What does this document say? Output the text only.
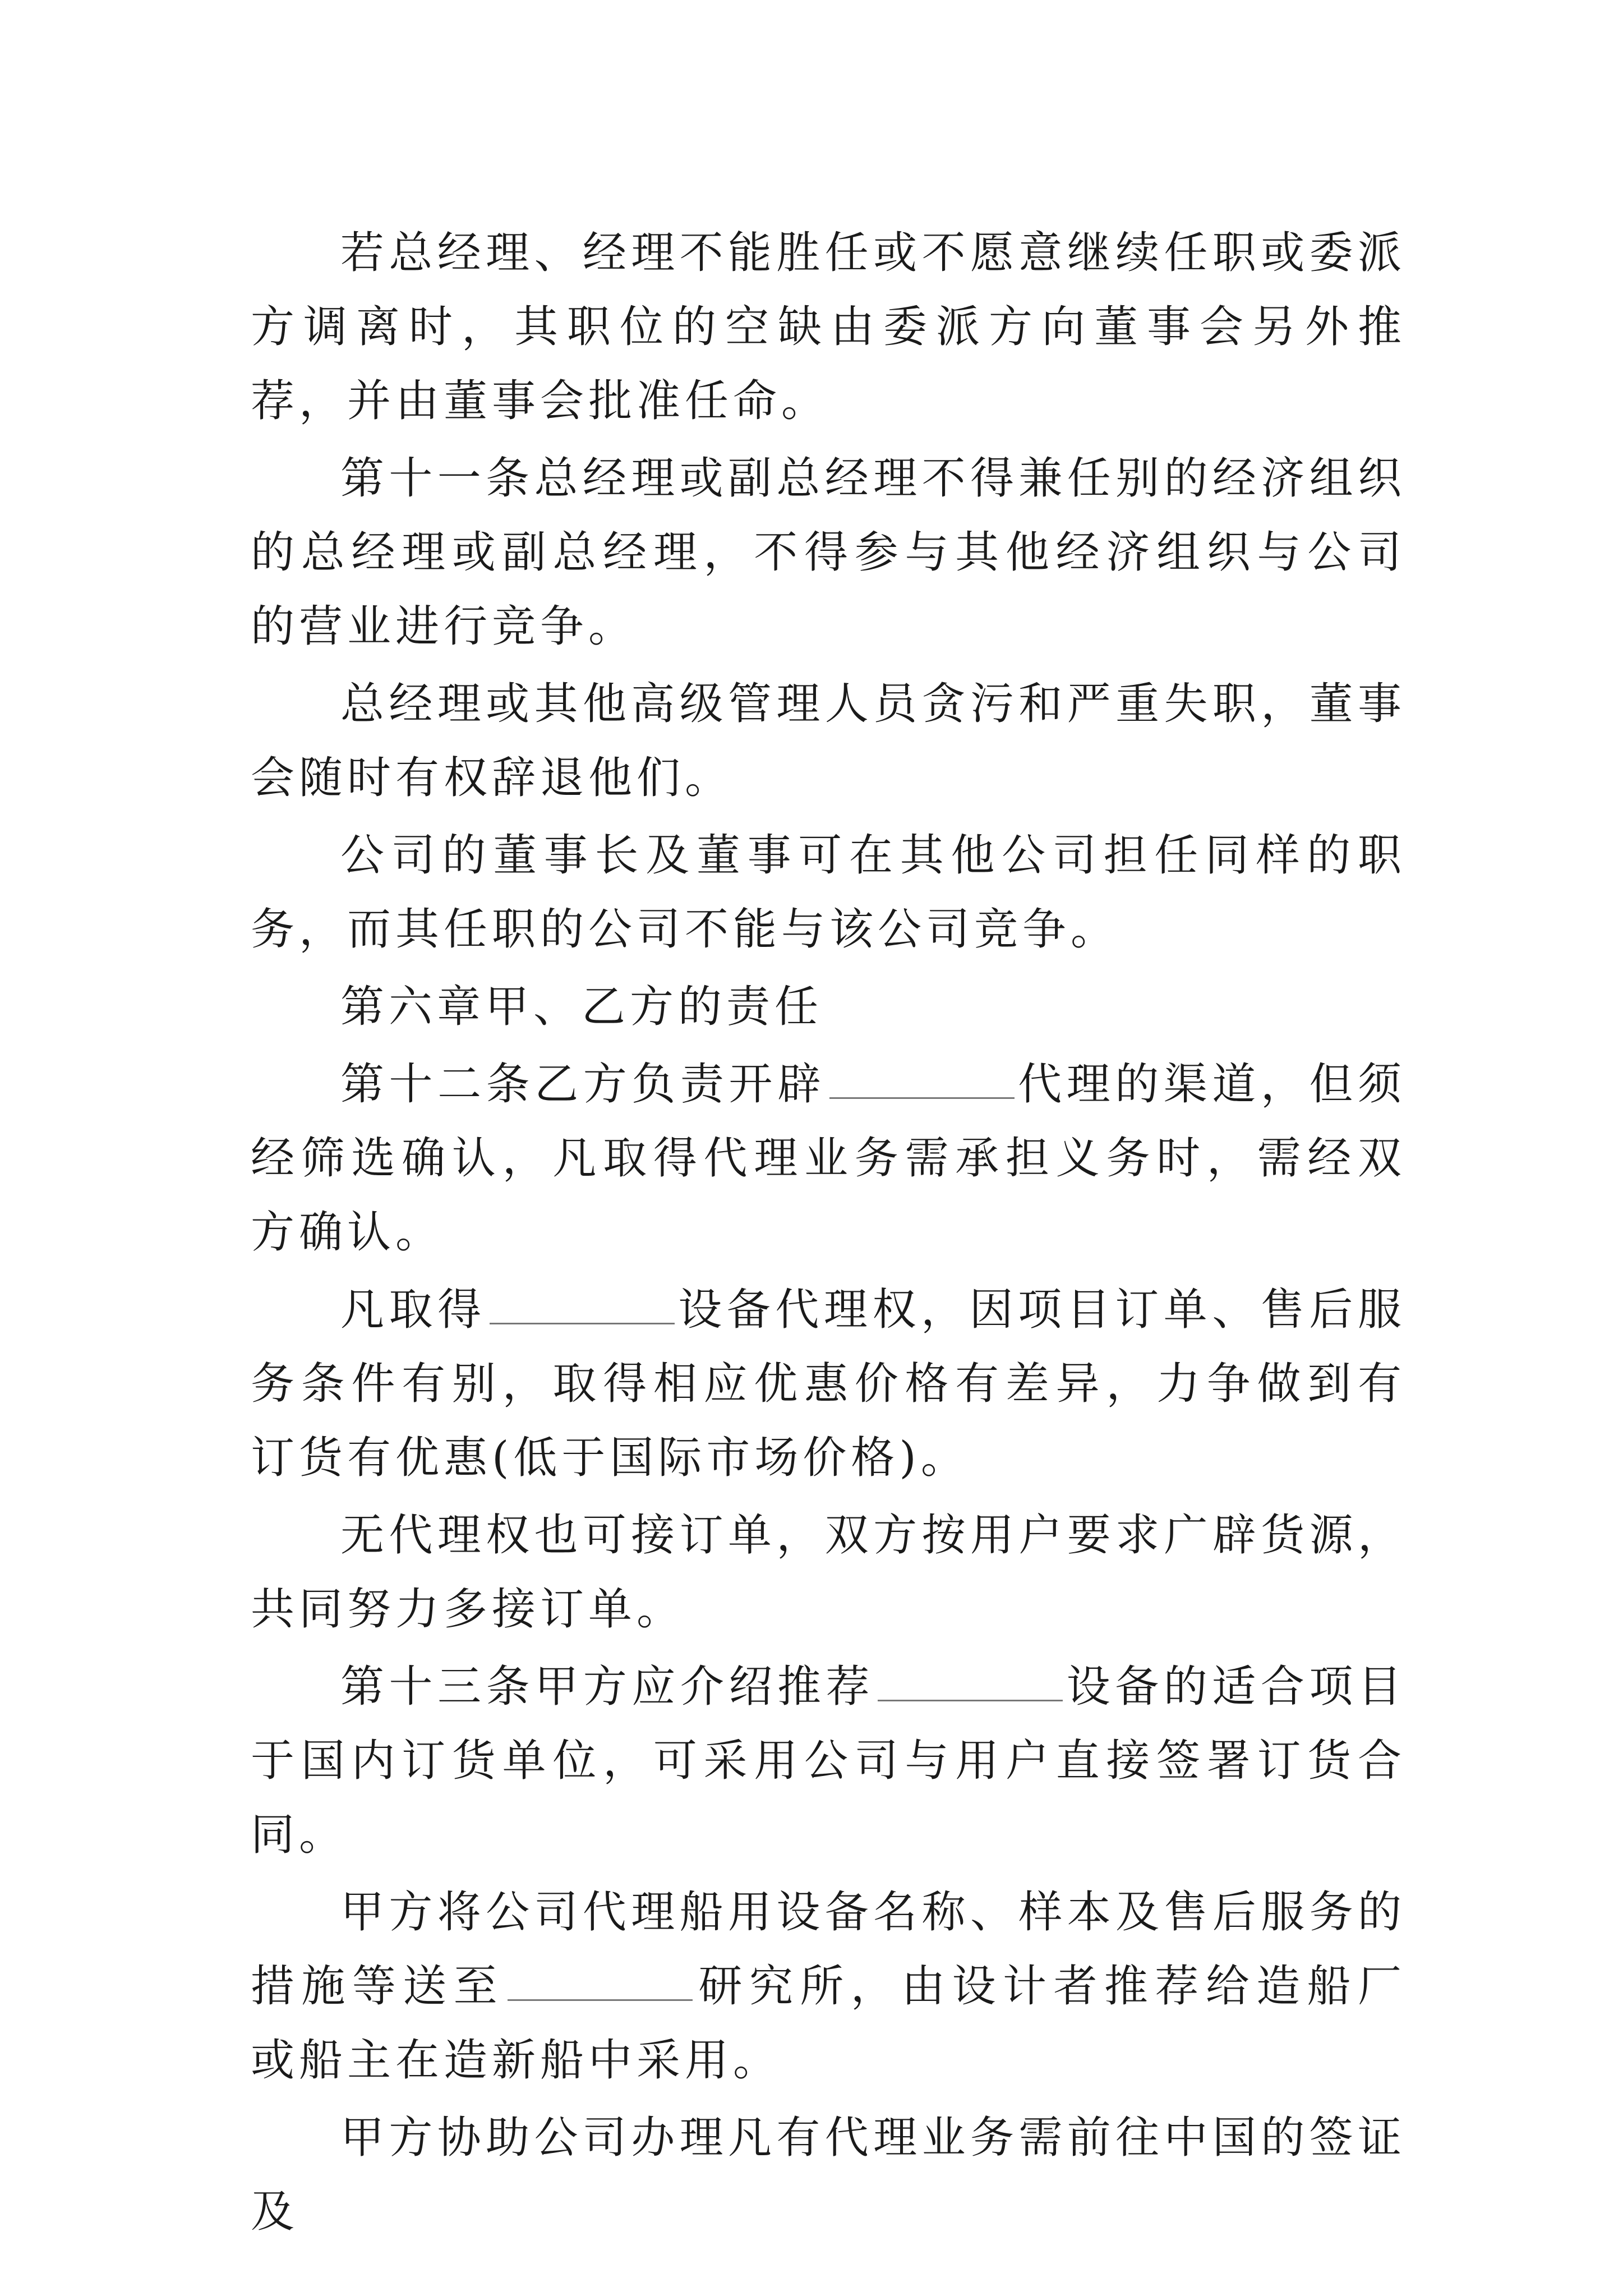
若总经理、经理不能胜任或不愿意继续任职或委派方调离时，其职位的空缺由委派方向董事会另外推荐，并由董事会批准任命。

第十一条总经理或副总经理不得兼任别的经济组织的总经理或副总经理，不得参与其他经济组织与公司的营业进行竞争。

总经理或其他高级管理人员贪污和严重失职，董事会随时有权辞退他们。

公司的董事长及董事可在其他公司担任同样的职务，而其任职的公司不能与该公司竞争。

第六章甲、乙方的责任

第十二条乙方负责开辟	代理的渠道，但须经筛选确认，凡取得代理业务需承担义务时，需经双方确认。

凡取得	设备代理权，因项目订单、售后服务条件有别，取得相应优惠价格有差异，力争做到有订货有优惠(低于国际市场价格)。

无代理权也可接订单，双方按用户要求广辟货源，共同努力多接订单。

第十三条甲方应介绍推荐	设备的适合项目于国内订货单位，可采用公司与用户直接签署订货合同。

甲方将公司代理船用设备名称、样本及售后服务的措施等送至	研究所，由设计者推荐给造船厂或船主在造新船中采用。

甲方协助公司办理凡有代理业务需前往中国的签证及
